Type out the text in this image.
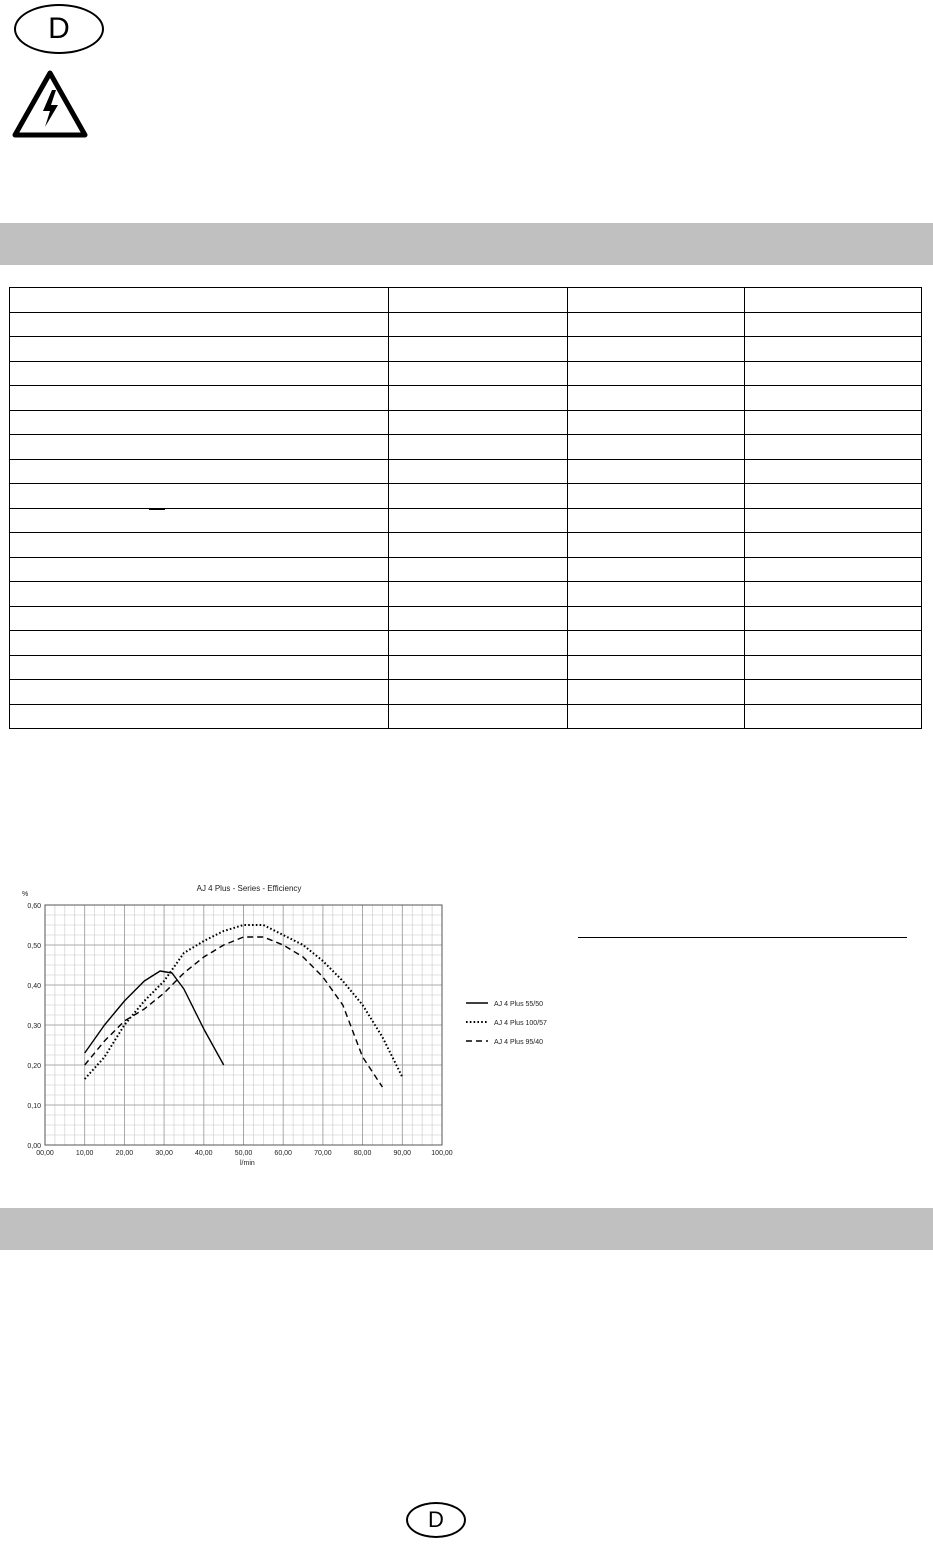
D

00,00	10,00	20,00	30,00	40,00	50,00	60,00	70,00	80,00	90,00	100,00
0,00
0,10
0,20
0,30
0,40
0,50
0,60
AJ 4 Plus - Series - Efficiency
%
l/min
AJ 4 Plus 55/50
AJ 4 Plus 100/57
AJ 4 Plus 95/40
D
